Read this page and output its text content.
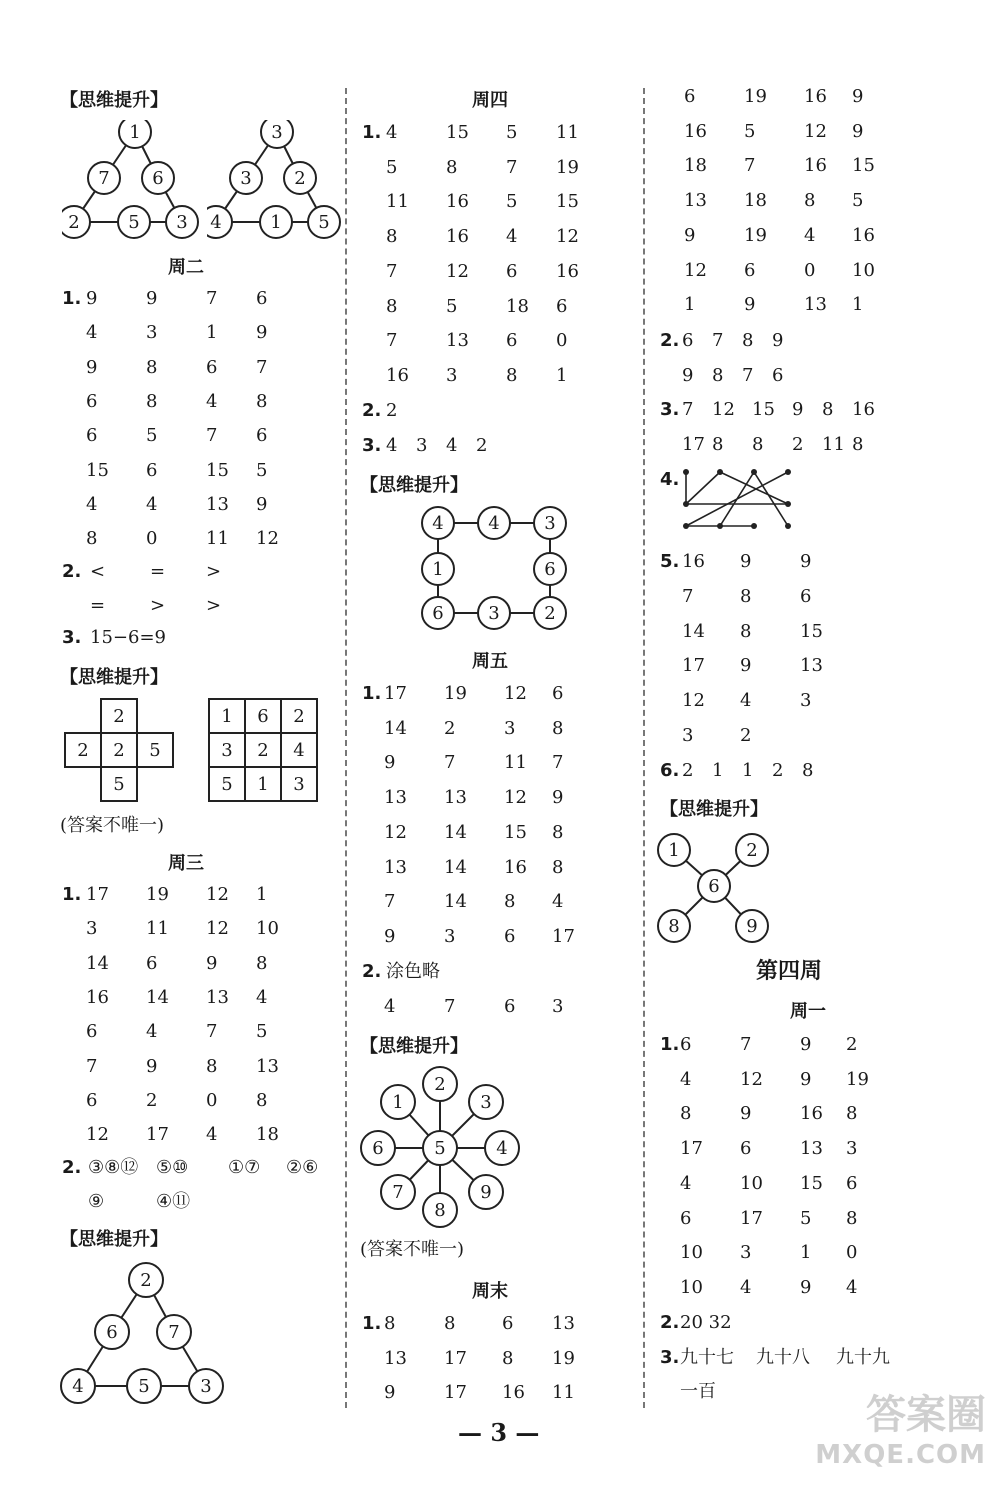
【思维提升】
1
7 6
2	5 3
3
3 2
4	1 5
周二
1. 9	9	7 6
4	3	1 9
9	8	6 7
6	8	4 8
6	5	7 6
15 6	15 5
4	4	13 9
8	0	11 12
2. < = >
= > >
3. 15−6=9
【思维提升】
	2	
2	2	5
	5	
1	6	2
3	2	4
5	1	3
(答案不唯一)
周三
1. 17 19 12 1
3	11 12 10
14 6	9 8
16 14 13 4
6	4	7 5
7	9	8 13
6	2	0 8
12 17 4 18
2. ③⑧⑫ ⑤⑩ ①⑦ ②⑥
⑨	④⑪
【思维提升】
2
6	7
4	5	3
周四
1. 4	15 5 11
5	8	7 19
11 16 5 15
8	16 4 12
7	12 6 16
8	5	18 6
7	13 6 0
16 3	8 1
2. 2
3. 4 3 4 2
【思维提升】
4 4 3
1	6
6 3 2
周五
1. 17 19 12 6
14 2	3 8
9	7	11 7
13 13 12 9
12 14 15 8
13 14 16 8
7	14 8 4
9	3	6 17
2. 涂色略
4	7	6 3
【思维提升】
2
1	3
6	5	4
7	9
8
(答案不唯一)
周末
1. 8	8	6 13
13 17 8 19
9	17 16 11
6	19 16 9
16 5	12 9
18 7	16 15
13 18 8 5
9	19 4 16
12 6	0 10
1	9	13 1
2. 6 7 8 9
9 8 7 6
3. 7 12 15 9 8 16
17 8 8 2 11 8
4.
5. 16 9	9
7	8	6
14 8	15
17 9	13
12 4	3
3	2
6. 2 1 1 2 8
【思维提升】
1	2
6
8	9
第四周
周一
1. 6	7	9 2
4	12 9 19
8	9	16 8
17 6	13 3
4	10 15 6
6	17 5 8
10 3	1 0
10 4	9 4
2. 20 32
3. 九十七 九十八 九十九
一百
— 3 —	答案圈
MXQE.COM
